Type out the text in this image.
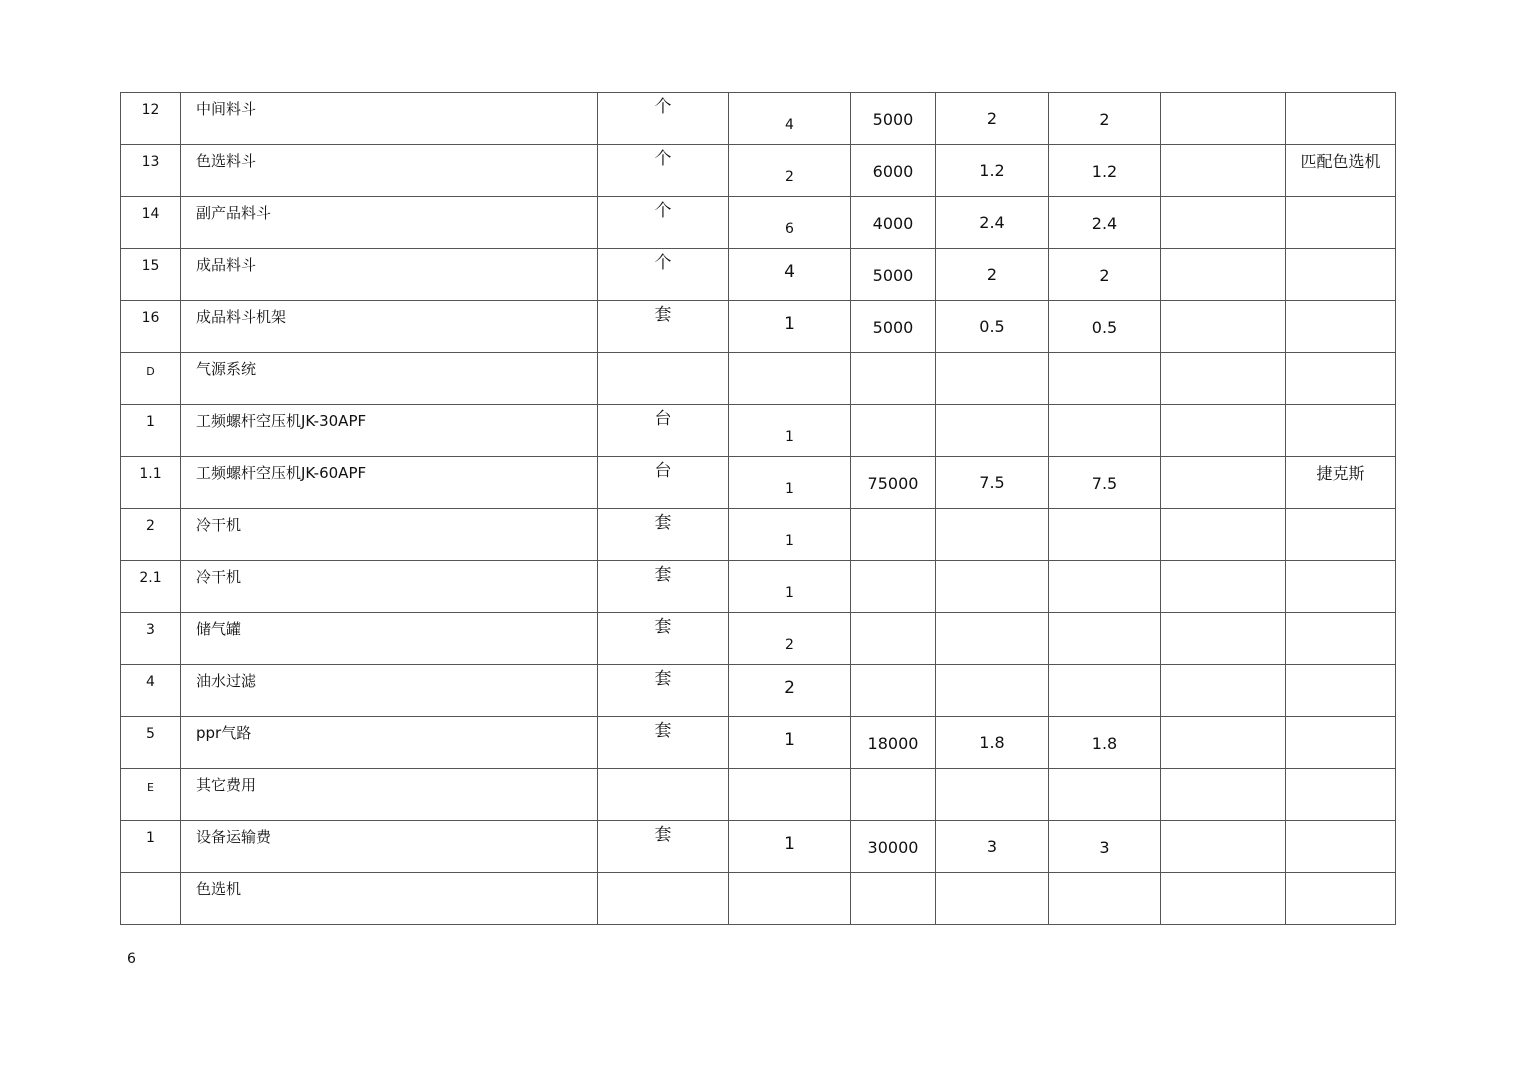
12	中间料斗	个	4	5000	2	2		

13	色选料斗	个	2	6000	1.2	1.2		匹配色选机

14	副产品料斗	个	6	4000	2.4	2.4		

15	成品料斗	个	4	5000	2	2		

16	成品料斗机架	套	1	5000	0.5	0.5		

D	气源系统							

1	工频螺杆空压机JK-30APF	台	1					

1.1	工频螺杆空压机JK-60APF	台	1	75000	7.5	7.5		捷克斯

2	冷干机	套	1					

2.1	冷干机	套	1					

3	储气罐	套	2					

4	油水过滤	套	2					

5	ppr气路	套	1	18000	1.8	1.8		

E	其它费用							

1	设备运输费	套	1	30000	3	3		

	色选机							

6
